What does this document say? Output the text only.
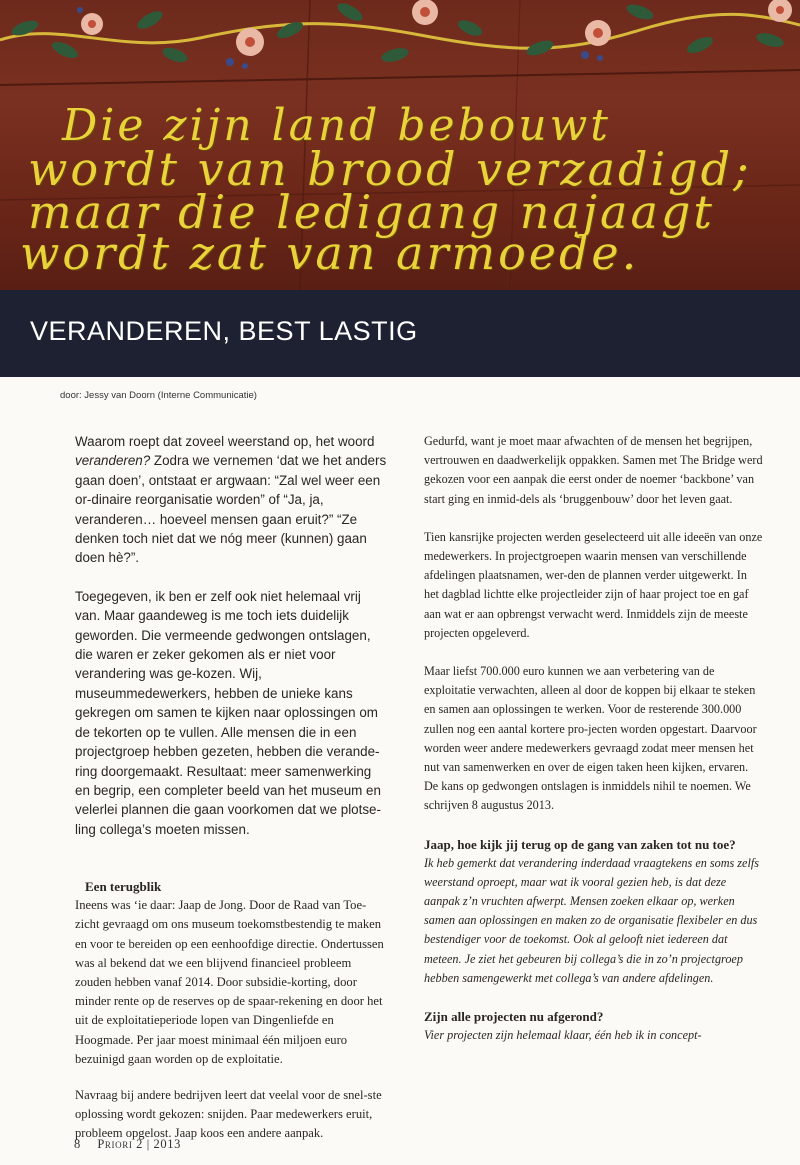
Die zijn land bebouwt
wordt van brood verzadigd;
maar die ledigang najaagt
wordt zat van armoede.
VERANDEREN, BEST LASTIG
door: Jessy van Doorn (Interne Communicatie)

Waarom roept dat zoveel weerstand op, het woord veranderen? Zodra we vernemen ‘dat we het anders gaan doen’, ontstaat er argwaan: “Zal wel weer een or-dinaire reorganisatie worden” of “Ja, ja, veranderen… hoeveel mensen gaan eruit?” “Ze denken toch niet dat we nóg meer (kunnen) gaan doen hè?”.

Toegegeven, ik ben er zelf ook niet helemaal vrij van. Maar gaandeweg is me toch iets duidelijk geworden. Die vermeende gedwongen ontslagen, die waren er zeker gekomen als er niet voor verandering was ge-kozen. Wij, museummedewerkers, hebben de unieke kans gekregen om samen te kijken naar oplossingen om de tekorten op te vullen. Alle mensen die in een projectgroep hebben gezeten, hebben die verande-ring doorgemaakt. Resultaat: meer samenwerking en begrip, een completer beeld van het museum en velerlei plannen die gaan voorkomen dat we plotse-ling collega’s moeten missen.

Een terugblik

Ineens was ‘ie daar: Jaap de Jong. Door de Raad van Toe-zicht gevraagd om ons museum toekomstbestendig te maken en voor te bereiden op een eenhoofdige directie. Ondertussen was al bekend dat we een blijvend financieel probleem zouden hebben vanaf 2014. Door subsidie-korting, door minder rente op de reserves op de spaar-rekening en door het uit de exploitatieperiode lopen van Dingenliefde en Hoogmade. Per jaar moest minimaal één miljoen euro bezuinigd gaan worden op de exploitatie.

Navraag bij andere bedrijven leert dat veelal voor de snel-ste oplossing wordt gekozen: snijden. Paar medewerkers eruit, probleem opgelost. Jaap koos een andere aanpak.

Gedurfd, want je moet maar afwachten of de mensen het begrijpen, vertrouwen en daadwerkelijk oppakken. Samen met The Bridge werd gekozen voor een aanpak die eerst onder de noemer ‘backbone’ van start ging en inmid-dels als ‘bruggenbouw’ door het leven gaat.

Tien kansrijke projecten werden geselecteerd uit alle ideeën van onze medewerkers. In projectgroepen waarin mensen van verschillende afdelingen plaatsnamen, wer-den de plannen verder uitgewerkt. In het dagblad lichtte elke projectleider zijn of haar project toe en gaf aan wat er aan opbrengst verwacht werd. Inmiddels zijn de meeste projecten opgeleverd.

Maar liefst 700.000 euro kunnen we aan verbetering van de exploitatie verwachten, alleen al door de koppen bij elkaar te steken en samen aan oplossingen te werken. Voor de resterende 300.000 zullen nog een aantal kortere pro-jecten worden opgestart. Daarvoor worden weer andere medewerkers gevraagd zodat meer mensen het nut van samenwerken en over de eigen taken heen kijken, ervaren. De kans op gedwongen ontslagen is inmiddels nihil te noemen. We schrijven 8 augustus 2013.

Jaap, hoe kijk jij terug op de gang van zaken tot nu toe?

Ik heb gemerkt dat verandering inderdaad vraagtekens en soms zelfs weerstand oproept, maar wat ik vooral gezien heb, is dat deze aanpak z’n vruchten afwerpt. Mensen zoeken elkaar op, werken samen aan oplossingen en maken zo de organisatie flexibeler en dus bestendiger voor de toekomst. Ook al gelooft niet iedereen dat meteen. Je ziet het gebeuren bij collega’s die in zo’n projectgroep hebben samengewerkt met collega’s van andere afdelingen.

Zijn alle projecten nu afgerond?

Vier projecten zijn helemaal klaar, één heb ik in concept-

8 Priori 2 | 2013
